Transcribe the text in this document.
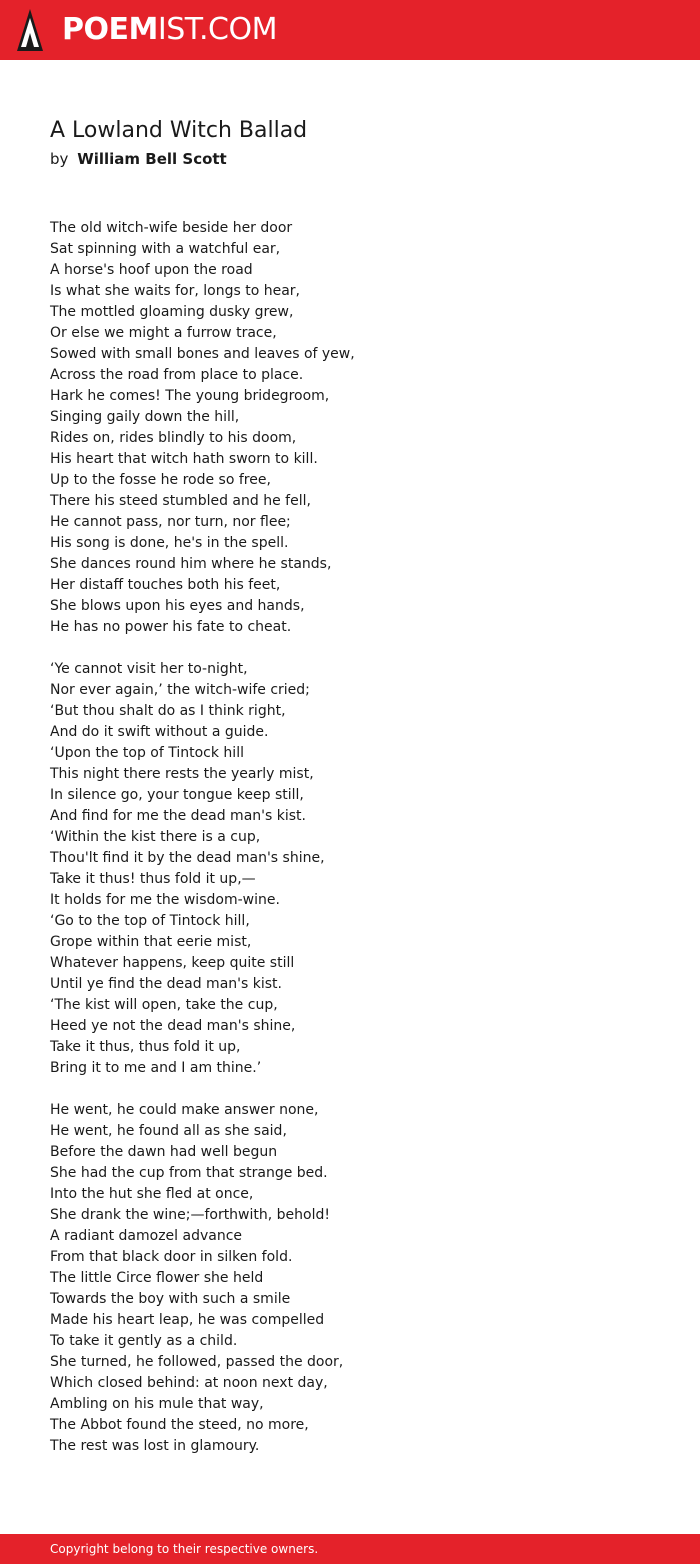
POEMIST.COM
A Lowland Witch Ballad
by William Bell Scott
The old witch-wife beside her door
Sat spinning with a watchful ear,
A horse's hoof upon the road
Is what she waits for, longs to hear,
The mottled gloaming dusky grew,
Or else we might a furrow trace,
Sowed with small bones and leaves of yew,
Across the road from place to place.
Hark he comes! The young bridegroom,
Singing gaily down the hill,
Rides on, rides blindly to his doom,
His heart that witch hath sworn to kill.
Up to the fosse he rode so free,
There his steed stumbled and he fell,
He cannot pass, nor turn, nor flee;
His song is done, he's in the spell.
She dances round him where he stands,
Her distaff touches both his feet,
She blows upon his eyes and hands,
He has no power his fate to cheat.
‘Ye cannot visit her to-night,
Nor ever again,’ the witch-wife cried;
‘But thou shalt do as I think right,
And do it swift without a guide.
‘Upon the top of Tintock hill
This night there rests the yearly mist,
In silence go, your tongue keep still,
And find for me the dead man's kist.
‘Within the kist there is a cup,
Thou'lt find it by the dead man's shine,
Take it thus! thus fold it up,—
It holds for me the wisdom-wine.
‘Go to the top of Tintock hill,
Grope within that eerie mist,
Whatever happens, keep quite still
Until ye find the dead man's kist.
‘The kist will open, take the cup,
Heed ye not the dead man's shine,
Take it thus, thus fold it up,
Bring it to me and I am thine.’
He went, he could make answer none,
He went, he found all as she said,
Before the dawn had well begun
She had the cup from that strange bed.
Into the hut she fled at once,
She drank the wine;—forthwith, behold!
A radiant damozel advance
From that black door in silken fold.
The little Circe flower she held
Towards the boy with such a smile
Made his heart leap, he was compelled
To take it gently as a child.
She turned, he followed, passed the door,
Which closed behind: at noon next day,
Ambling on his mule that way,
The Abbot found the steed, no more,
The rest was lost in glamoury.
Copyright belong to their respective owners.
